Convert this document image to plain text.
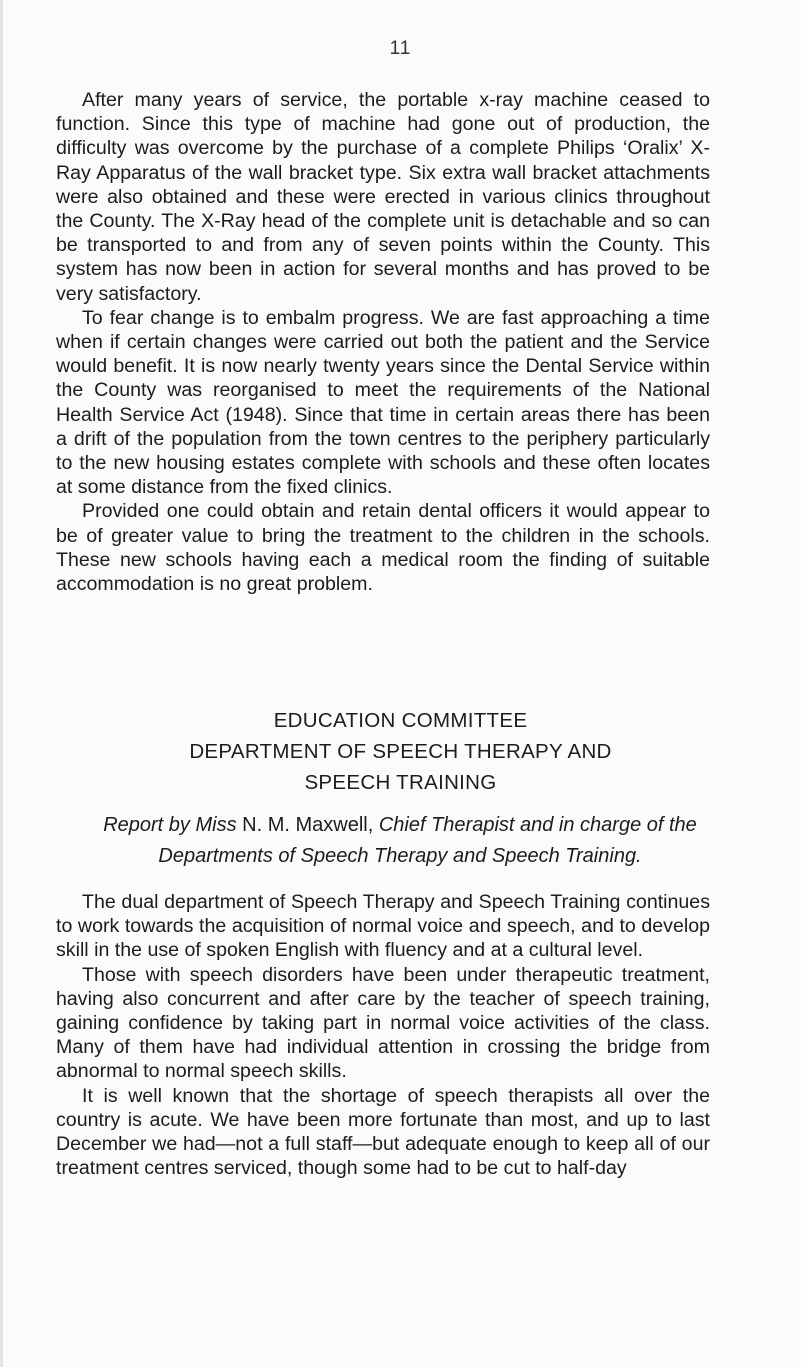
11

After many years of service, the portable x-ray machine ceased to function. Since this type of machine had gone out of production, the difficulty was overcome by the purchase of a complete Philips ‘Oralix’ X-Ray Apparatus of the wall bracket type. Six extra wall bracket attachments were also obtained and these were erected in various clinics throughout the County. The X-Ray head of the complete unit is detachable and so can be transported to and from any of seven points within the County. This system has now been in action for several months and has proved to be very satisfactory.

To fear change is to embalm progress. We are fast approaching a time when if certain changes were carried out both the patient and the Service would benefit. It is now nearly twenty years since the Dental Service within the County was reorganised to meet the requirements of the National Health Service Act (1948). Since that time in certain areas there has been a drift of the population from the town centres to the periphery particularly to the new housing estates complete with schools and these often locates at some distance from the fixed clinics.

Provided one could obtain and retain dental officers it would appear to be of greater value to bring the treatment to the children in the schools. These new schools having each a medical room the finding of suitable accommodation is no great problem.

EDUCATION COMMITTEE
DEPARTMENT OF SPEECH THERAPY AND
SPEECH TRAINING
Report by Miss N. M. Maxwell, Chief Therapist and in charge of the Departments of Speech Therapy and Speech Training.

The dual department of Speech Therapy and Speech Training continues to work towards the acquisition of normal voice and speech, and to develop skill in the use of spoken English with fluency and at a cultural level.

Those with speech disorders have been under therapeutic treatment, having also concurrent and after care by the teacher of speech training, gaining confidence by taking part in normal voice activities of the class. Many of them have had individual attention in crossing the bridge from abnormal to normal speech skills.

It is well known that the shortage of speech therapists all over the country is acute. We have been more fortunate than most, and up to last December we had—not a full staff—but adequate enough to keep all of our treatment centres serviced, though some had to be cut to half-day
